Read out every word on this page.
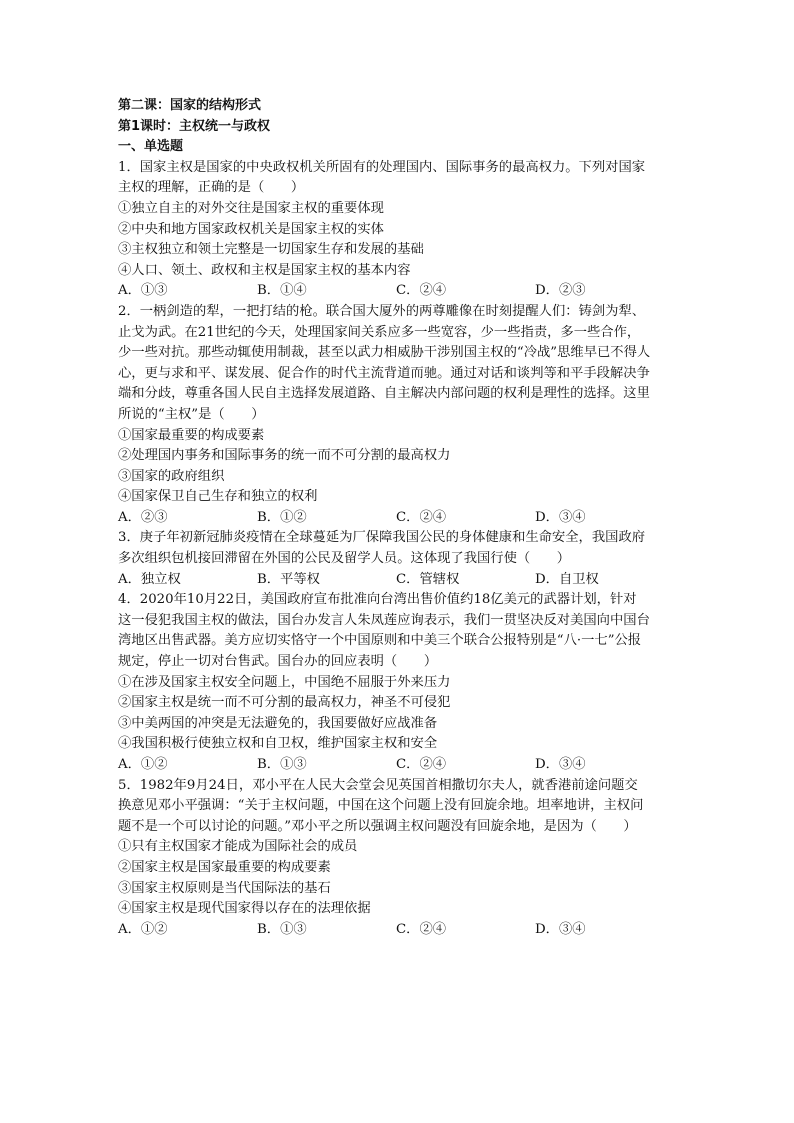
第二课：国家的结构形式
第1课时：主权统一与政权
一、单选题
1．国家主权是国家的中央政权机关所固有的处理国内、国际事务的最高权力。下列对国家
主权的理解，正确的是（　　）
①独立自主的对外交往是国家主权的重要体现
②中央和地方国家政权机关是国家主权的实体
③主权独立和领土完整是一切国家生存和发展的基础
④人口、领土、政权和主权是国家主权的基本内容
A．①③	B．①④	C．②④	D．②③
2．一柄剑造的犁，一把打结的枪。联合国大厦外的两尊雕像在时刻提醒人们：铸剑为犁、
止戈为武。在21世纪的今天，处理国家间关系应多一些宽容，少一些指责，多一些合作，
少一些对抗。那些动辄使用制裁，甚至以武力相威胁干涉别国主权的“冷战”思维早已不得人
心，更与求和平、谋发展、促合作的时代主流背道而驰。通过对话和谈判等和平手段解决争
端和分歧，尊重各国人民自主选择发展道路、自主解决内部问题的权利是理性的选择。这里
所说的“主权”是（　　）
①国家最重要的构成要素
②处理国内事务和国际事务的统一而不可分割的最高权力
③国家的政府组织
④国家保卫自己生存和独立的权利
A．②③	B．①②	C．②④	D．③④
3．庚子年初新冠肺炎疫情在全球蔓延为厂保障我国公民的身体健康和生命安全，我国政府
多次组织包机接回滞留在外国的公民及留学人员。这体现了我国行使（　　）
A．独立权	B．平等权	C．管辖权	D．自卫权
4．2020年10月22日，美国政府宣布批准向台湾出售价值约18亿美元的武器计划，针对
这一侵犯我国主权的做法，国台办发言人朱凤莲应询表示，我们一贯坚决反对美国向中国台
湾地区出售武器。美方应切实恪守一个中国原则和中美三个联合公报特别是“八·一七”公报
规定，停止一切对台售武。国台办的回应表明（　　）
①在涉及国家主权安全问题上，中国绝不屈服于外来压力
②国家主权是统一而不可分割的最高权力，神圣不可侵犯
③中美两国的冲突是无法避免的，我国要做好应战准备
④我国积极行使独立权和自卫权，维护国家主权和安全
A．①②	B．①③	C．②④	D．③④
5．1982年9月24日，邓小平在人民大会堂会见英国首相撒切尔夫人，就香港前途问题交
换意见邓小平强调：“关于主权问题，中国在这个问题上没有回旋余地。坦率地讲，主权问
题不是一个可以讨论的问题。”邓小平之所以强调主权问题没有回旋余地，是因为（　　）
①只有主权国家才能成为国际社会的成员
②国家主权是国家最重要的构成要素
③国家主权原则是当代国际法的基石
④国家主权是现代国家得以存在的法理依据
A．①②	B．①③	C．②④	D．③④
